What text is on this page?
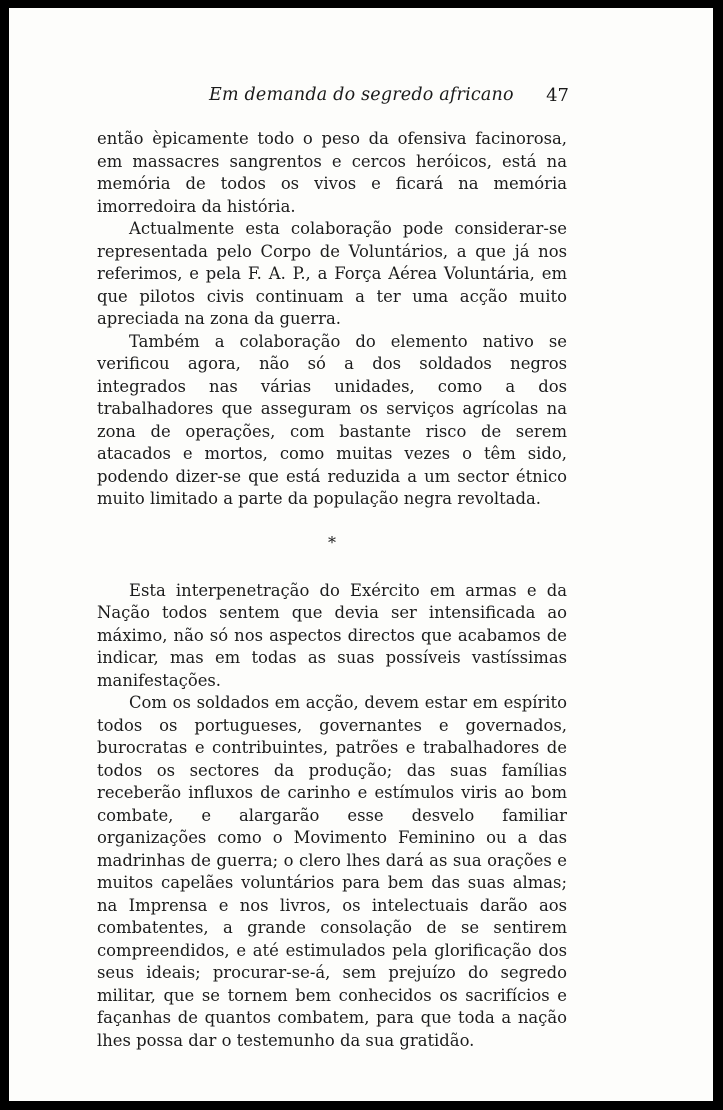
Em demanda do segredo africano 47

então èpicamente todo o peso da ofensiva facinorosa, em massacres sangrentos e cercos heróicos, está na memória de todos os vivos e ficará na memória imorredoira da história.

Actualmente esta colaboração pode considerar-se representada pelo Corpo de Voluntários, a que já nos referimos, e pela F. A. P., a Força Aérea Voluntária, em que pilotos civis continuam a ter uma acção muito apreciada na zona da guerra.

Também a colaboração do elemento nativo se verificou agora, não só a dos soldados negros integrados nas várias unidades, como a dos trabalhadores que asseguram os serviços agrícolas na zona de operações, com bastante risco de serem atacados e mortos, como muitas vezes o têm sido, podendo dizer-se que está reduzida a um sector étnico muito limitado a parte da população negra revoltada.

*

Esta interpenetração do Exército em armas e da Nação todos sentem que devia ser intensificada ao máximo, não só nos aspectos directos que acabamos de indicar, mas em todas as suas possíveis vastíssimas manifestações.

Com os soldados em acção, devem estar em espírito todos os portugueses, governantes e governados, burocratas e contribuintes, patrões e trabalhadores de todos os sectores da produção; das suas famílias receberão influxos de carinho e estímulos viris ao bom combate, e alargarão esse desvelo familiar organizações como o Movimento Feminino ou a das madrinhas de guerra; o clero lhes dará as sua orações e muitos capelães voluntários para bem das suas almas; na Imprensa e nos livros, os intelectuais darão aos combatentes, a grande consolação de se sentirem compreendidos, e até estimulados pela glorificação dos seus ideais; procurar-se-á, sem prejuízo do segredo militar, que se tornem bem conhecidos os sacrifícios e façanhas de quantos combatem, para que toda a nação lhes possa dar o testemunho da sua gratidão.
